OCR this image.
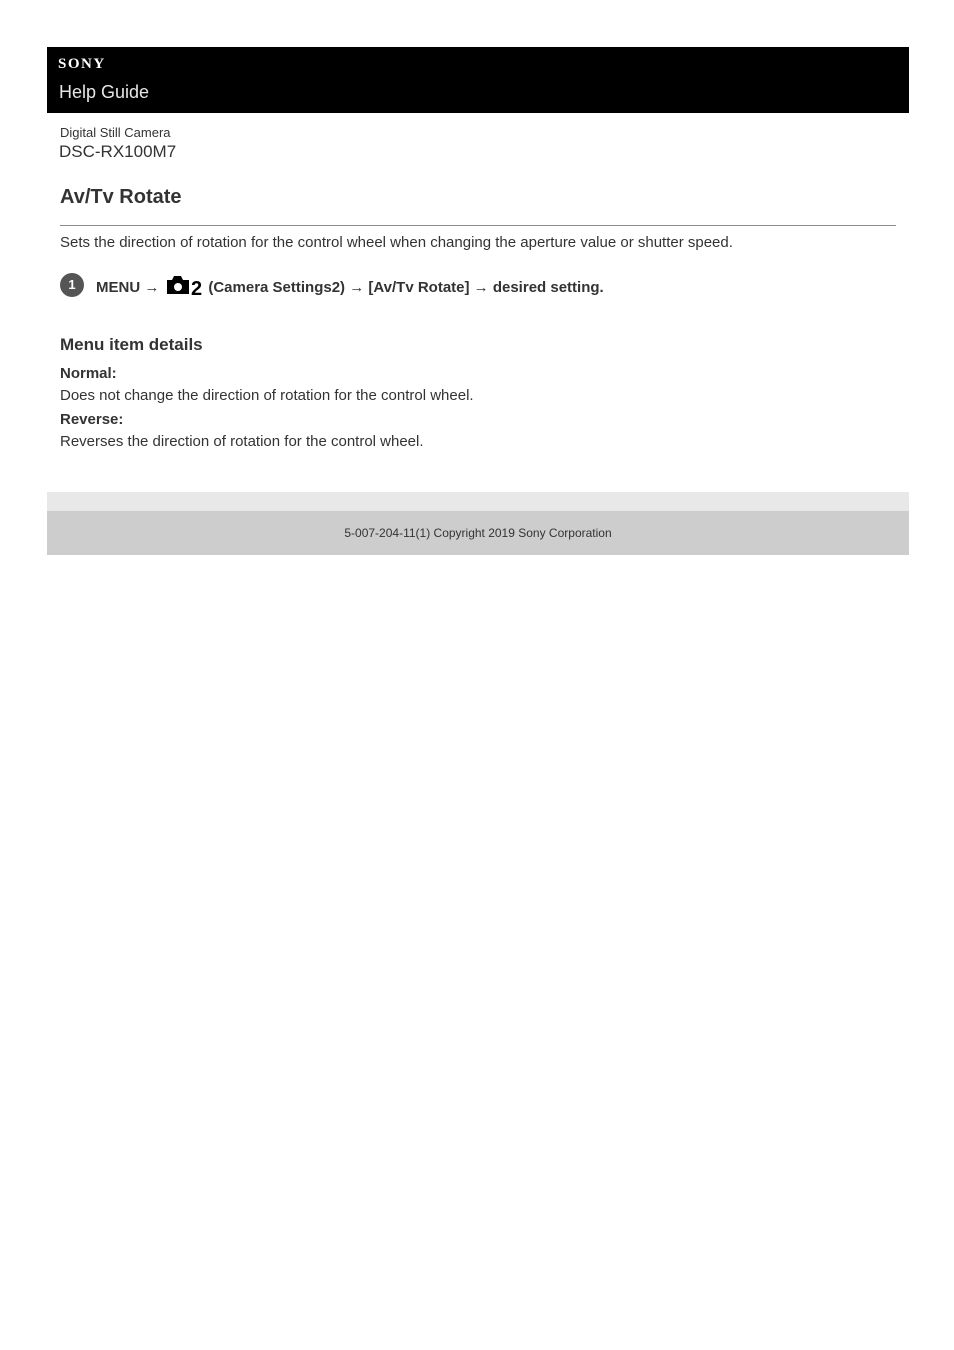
SONY
Help Guide
Digital Still Camera
DSC-RX100M7
Av/Tv Rotate
Sets the direction of rotation for the control wheel when changing the aperture value or shutter speed.
1	MENU → 2 (Camera Settings2) → [Av/Tv Rotate] → desired setting.
Menu item details
Normal:
Does not change the direction of rotation for the control wheel.
Reverse:
Reverses the direction of rotation for the control wheel.
5-007-204-11(1) Copyright 2019 Sony Corporation
